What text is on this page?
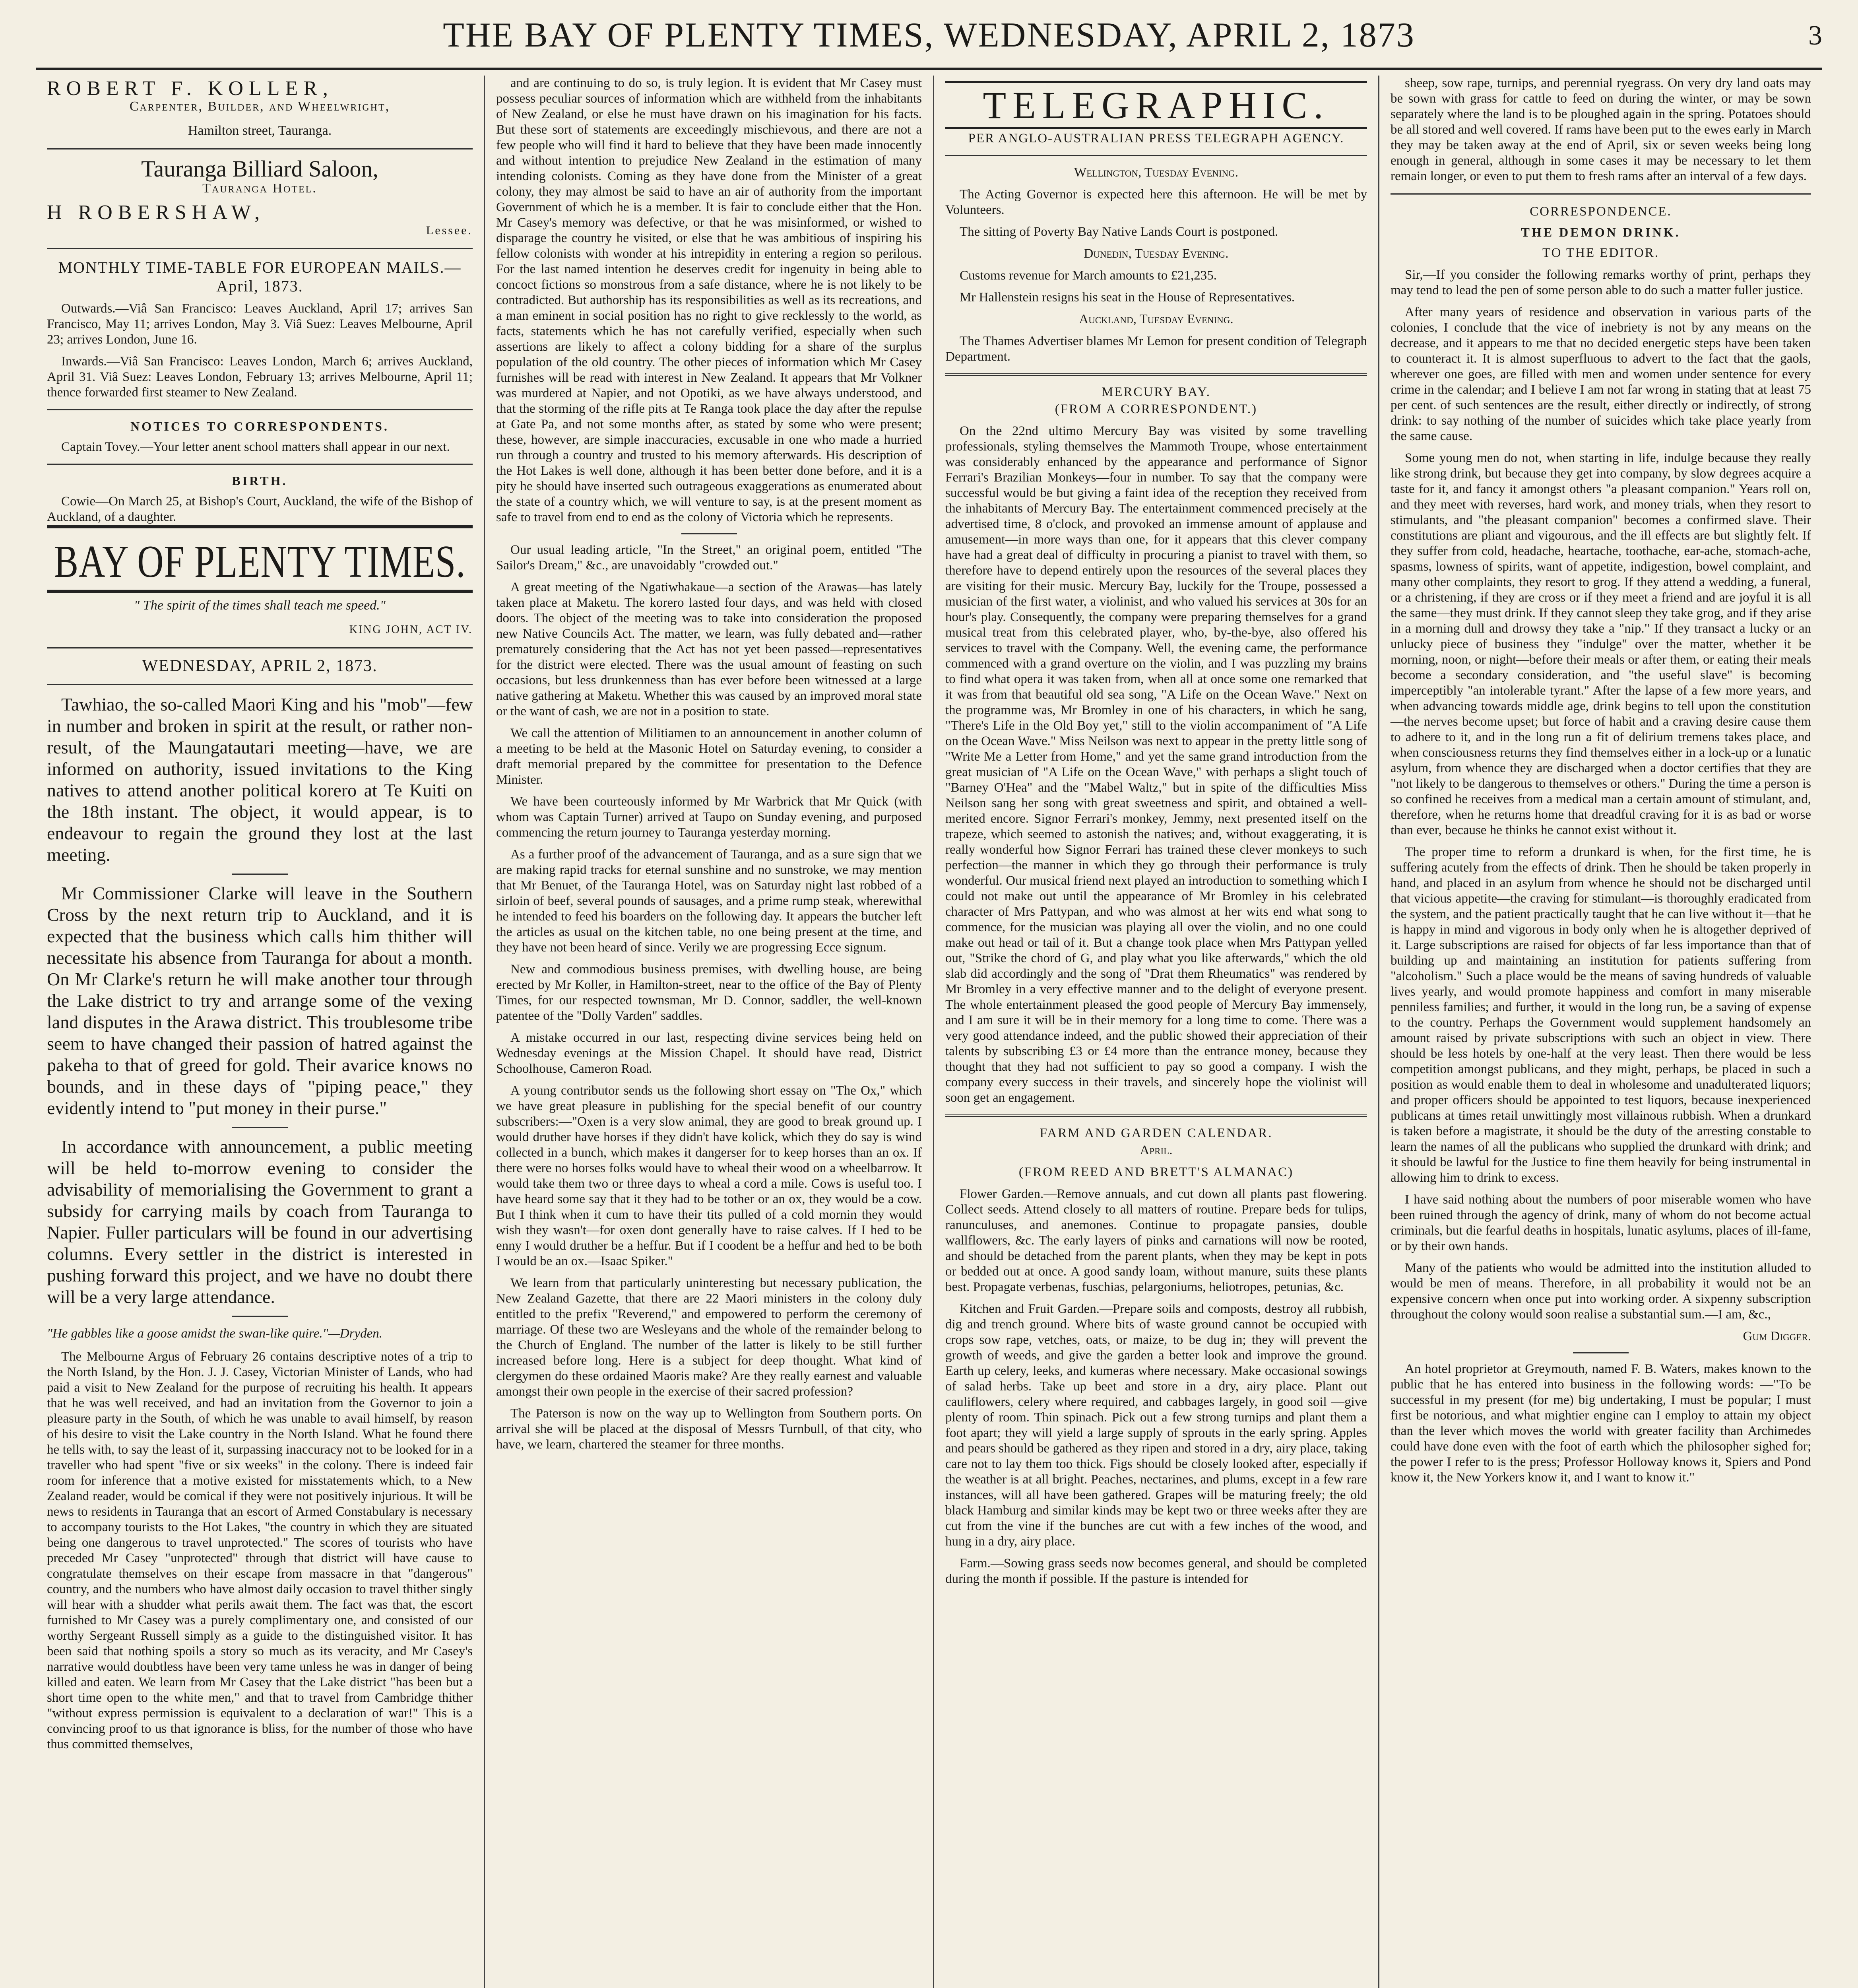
THE BAY OF PLENTY TIMES, WEDNESDAY, APRIL 2, 1873	3

ROBERT F. KOLLER,

Carpenter, Builder, and Wheelwright,

Hamilton street, Tauranga.

Tauranga Billiard Saloon,

Tauranga Hotel.

H ROBERSHAW,

Lessee.

MONTHLY TIME-TABLE FOR EUROPEAN MAILS.—April, 1873.

Outwards.—Viâ San Francisco: Leaves Auckland, April 17; arrives San Francisco, May 11; arrives London, May 3. Viâ Suez: Leaves Melbourne, April 23; arrives London, June 16.

Inwards.—Viâ San Francisco: Leaves London, March 6; arrives Auckland, April 31. Viâ Suez: Leaves London, February 13; arrives Melbourne, April 11; thence forwarded first steamer to New Zealand.

NOTICES TO CORRESPONDENTS.

Captain Tovey.—Your letter anent school matters shall appear in our next.

BIRTH.

Cowie—On March 25, at Bishop's Court, Auckland, the wife of the Bishop of Auckland, of a daughter.

BAY OF PLENTY TIMES.

" The spirit of the times shall teach me speed."

KING JOHN, ACT IV.

WEDNESDAY, APRIL 2, 1873.

Tawhiao, the so-called Maori King and his "mob"—few in number and broken in spirit at the result, or rather non-result, of the Maungatautari meeting—have, we are informed on authority, issued invitations to the King natives to attend another political korero at Te Kuiti on the 18th instant. The object, it would appear, is to endeavour to regain the ground they lost at the last meeting.

Mr Commissioner Clarke will leave in the Southern Cross by the next return trip to Auckland, and it is expected that the business which calls him thither will necessitate his absence from Tauranga for about a month. On Mr Clarke's return he will make another tour through the Lake district to try and arrange some of the vexing land disputes in the Arawa district. This troublesome tribe seem to have changed their passion of hatred against the pakeha to that of greed for gold. Their avarice knows no bounds, and in these days of "piping peace," they evidently intend to "put money in their purse."

In accordance with announcement, a public meeting will be held to-morrow evening to consider the advisability of memorialising the Government to grant a subsidy for carrying mails by coach from Tauranga to Napier. Fuller particulars will be found in our advertising columns. Every settler in the district is interested in pushing forward this project, and we have no doubt there will be a very large attendance.

"He gabbles like a goose amidst the swan-like quire."—Dryden.

The Melbourne Argus of February 26 contains descriptive notes of a trip to the North Island, by the Hon. J. J. Casey, Victorian Minister of Lands, who had paid a visit to New Zealand for the purpose of recruiting his health. It appears that he was well received, and had an invitation from the Governor to join a pleasure party in the South, of which he was unable to avail himself, by reason of his desire to visit the Lake country in the North Island. What he found there he tells with, to say the least of it, surpassing inaccuracy not to be looked for in a traveller who had spent "five or six weeks" in the colony. There is indeed fair room for inference that a motive existed for misstatements which, to a New Zealand reader, would be comical if they were not positively injurious. It will be news to residents in Tauranga that an escort of Armed Constabulary is necessary to accompany tourists to the Hot Lakes, "the country in which they are situated being one dangerous to travel unprotected." The scores of tourists who have preceded Mr Casey "unprotected" through that district will have cause to congratulate themselves on their escape from massacre in that "dangerous" country, and the numbers who have almost daily occasion to travel thither singly will hear with a shudder what perils await them. The fact was that, the escort furnished to Mr Casey was a purely complimentary one, and consisted of our worthy Sergeant Russell simply as a guide to the distinguished visitor. It has been said that nothing spoils a story so much as its veracity, and Mr Casey's narrative would doubtless have been very tame unless he was in danger of being killed and eaten. We learn from Mr Casey that the Lake district "has been but a short time open to the white men," and that to travel from Cambridge thither "without express permission is equivalent to a declaration of war!" This is a convincing proof to us that ignorance is bliss, for the number of those who have thus committed themselves,

and are continuing to do so, is truly legion. It is evident that Mr Casey must possess peculiar sources of information which are withheld from the inhabitants of New Zealand, or else he must have drawn on his imagination for his facts. But these sort of statements are exceedingly mischievous, and there are not a few people who will find it hard to believe that they have been made innocently and without intention to prejudice New Zealand in the estimation of many intending colonists. Coming as they have done from the Minister of a great colony, they may almost be said to have an air of authority from the important Government of which he is a member. It is fair to conclude either that the Hon. Mr Casey's memory was defective, or that he was misinformed, or wished to disparage the country he visited, or else that he was ambitious of inspiring his fellow colonists with wonder at his intrepidity in entering a region so perilous. For the last named intention he deserves credit for ingenuity in being able to concoct fictions so monstrous from a safe distance, where he is not likely to be contradicted. But authorship has its responsibilities as well as its recreations, and a man eminent in social position has no right to give recklessly to the world, as facts, statements which he has not carefully verified, especially when such assertions are likely to affect a colony bidding for a share of the surplus population of the old country. The other pieces of information which Mr Casey furnishes will be read with interest in New Zealand. It appears that Mr Volkner was murdered at Napier, and not Opotiki, as we have always understood, and that the storming of the rifle pits at Te Ranga took place the day after the repulse at Gate Pa, and not some months after, as stated by some who were present; these, however, are simple inaccuracies, excusable in one who made a hurried run through a country and trusted to his memory afterwards. His description of the Hot Lakes is well done, although it has been better done before, and it is a pity he should have inserted such outrageous exaggerations as enumerated about the state of a country which, we will venture to say, is at the present moment as safe to travel from end to end as the colony of Victoria which he represents.

Our usual leading article, "In the Street," an original poem, entitled "The Sailor's Dream," &c., are unavoidably "crowded out."

A great meeting of the Ngatiwhakaue—a section of the Arawas—has lately taken place at Maketu. The korero lasted four days, and was held with closed doors. The object of the meeting was to take into consideration the proposed new Native Councils Act. The matter, we learn, was fully debated and—rather prematurely considering that the Act has not yet been passed—representatives for the district were elected. There was the usual amount of feasting on such occasions, but less drunkenness than has ever before been witnessed at a large native gathering at Maketu. Whether this was caused by an improved moral state or the want of cash, we are not in a position to state.

We call the attention of Militiamen to an announcement in another column of a meeting to be held at the Masonic Hotel on Saturday evening, to consider a draft memorial prepared by the committee for presentation to the Defence Minister.

We have been courteously informed by Mr Warbrick that Mr Quick (with whom was Captain Turner) arrived at Taupo on Sunday evening, and purposed commencing the return journey to Tauranga yesterday morning.

As a further proof of the advancement of Tauranga, and as a sure sign that we are making rapid tracks for eternal sunshine and no sunstroke, we may mention that Mr Benuet, of the Tauranga Hotel, was on Saturday night last robbed of a sirloin of beef, several pounds of sausages, and a prime rump steak, wherewithal he intended to feed his boarders on the following day. It appears the butcher left the articles as usual on the kitchen table, no one being present at the time, and they have not been heard of since. Verily we are progressing Ecce signum.

New and commodious business premises, with dwelling house, are being erected by Mr Koller, in Hamilton-street, near to the office of the Bay of Plenty Times, for our respected townsman, Mr D. Connor, saddler, the well-known patentee of the "Dolly Varden" saddles.

A mistake occurred in our last, respecting divine services being held on Wednesday evenings at the Mission Chapel. It should have read, District Schoolhouse, Cameron Road.

A young contributor sends us the following short essay on "The Ox," which we have great pleasure in publishing for the special benefit of our country subscribers:—"Oxen is a very slow animal, they are good to break ground up. I would druther have horses if they didn't have kolick, which they do say is wind collected in a bunch, which makes it dangerser for to keep horses than an ox. If there were no horses folks would have to wheal their wood on a wheelbarrow. It would take them two or three days to wheal a cord a mile. Cows is useful too. I have heard some say that it they had to be tother or an ox, they would be a cow. But I think when it cum to have their tits pulled of a cold mornin they would wish they wasn't—for oxen dont generally have to raise calves. If I hed to be enny I would druther be a heffur. But if I coodent be a heffur and hed to be both I would be an ox.—Isaac Spiker."

We learn from that particularly uninteresting but necessary publication, the New Zealand Gazette, that there are 22 Maori ministers in the colony duly entitled to the prefix "Reverend," and empowered to perform the ceremony of marriage. Of these two are Wesleyans and the whole of the remainder belong to the Church of England. The number of the latter is likely to be still further increased before long. Here is a subject for deep thought. What kind of clergymen do these ordained Maoris make? Are they really earnest and valuable amongst their own people in the exercise of their sacred profession?

The Paterson is now on the way up to Wellington from Southern ports. On arrival she will be placed at the disposal of Messrs Turnbull, of that city, who have, we learn, chartered the steamer for three months.

TELEGRAPHIC.

PER ANGLO-AUSTRALIAN PRESS TELEGRAPH AGENCY.

Wellington, Tuesday Evening.

The Acting Governor is expected here this afternoon. He will be met by Volunteers.

The sitting of Poverty Bay Native Lands Court is postponed.

Dunedin, Tuesday Evening.

Customs revenue for March amounts to £21,235.

Mr Hallenstein resigns his seat in the House of Representatives.

Auckland, Tuesday Evening.

The Thames Advertiser blames Mr Lemon for present condition of Telegraph Department.

MERCURY BAY.

(FROM A CORRESPONDENT.)

On the 22nd ultimo Mercury Bay was visited by some travelling professionals, styling themselves the Mammoth Troupe, whose entertainment was considerably enhanced by the appearance and performance of Signor Ferrari's Brazilian Monkeys—four in number. To say that the company were successful would be but giving a faint idea of the reception they received from the inhabitants of Mercury Bay. The entertainment commenced precisely at the advertised time, 8 o'clock, and provoked an immense amount of applause and amusement—in more ways than one, for it appears that this clever company have had a great deal of difficulty in procuring a pianist to travel with them, so therefore have to depend entirely upon the resources of the several places they are visiting for their music. Mercury Bay, luckily for the Troupe, possessed a musician of the first water, a violinist, and who valued his services at 30s for an hour's play. Consequently, the company were preparing themselves for a grand musical treat from this celebrated player, who, by-the-bye, also offered his services to travel with the Company. Well, the evening came, the performance commenced with a grand overture on the violin, and I was puzzling my brains to find what opera it was taken from, when all at once some one remarked that it was from that beautiful old sea song, "A Life on the Ocean Wave." Next on the programme was, Mr Bromley in one of his characters, in which he sang, "There's Life in the Old Boy yet," still to the violin accompaniment of "A Life on the Ocean Wave." Miss Neilson was next to appear in the pretty little song of "Write Me a Letter from Home," and yet the same grand introduction from the great musician of "A Life on the Ocean Wave," with perhaps a slight touch of "Barney O'Hea" and the "Mabel Waltz," but in spite of the difficulties Miss Neilson sang her song with great sweetness and spirit, and obtained a well-merited encore. Signor Ferrari's monkey, Jemmy, next presented itself on the trapeze, which seemed to astonish the natives; and, without exaggerating, it is really wonderful how Signor Ferrari has trained these clever monkeys to such perfection—the manner in which they go through their performance is truly wonderful. Our musical friend next played an introduction to something which I could not make out until the appearance of Mr Bromley in his celebrated character of Mrs Pattypan, and who was almost at her wits end what song to commence, for the musician was playing all over the violin, and no one could make out head or tail of it. But a change took place when Mrs Pattypan yelled out, "Strike the chord of G, and play what you like afterwards," which the old slab did accordingly and the song of "Drat them Rheumatics" was rendered by Mr Bromley in a very effective manner and to the delight of everyone present. The whole entertainment pleased the good people of Mercury Bay immensely, and I am sure it will be in their memory for a long time to come. There was a very good attendance indeed, and the public showed their appreciation of their talents by subscribing £3 or £4 more than the entrance money, because they thought that they had not sufficient to pay so good a company. I wish the company every success in their travels, and sincerely hope the violinist will soon get an engagement.

FARM AND GARDEN CALENDAR.

April.

(FROM REED AND BRETT'S ALMANAC)

Flower Garden.—Remove annuals, and cut down all plants past flowering. Collect seeds. Attend closely to all matters of routine. Prepare beds for tulips, ranunculuses, and anemones. Continue to propagate pansies, double wallflowers, &c. The early layers of pinks and carnations will now be rooted, and should be detached from the parent plants, when they may be kept in pots or bedded out at once. A good sandy loam, without manure, suits these plants best. Propagate verbenas, fuschias, pelargoniums, heliotropes, petunias, &c.

Kitchen and Fruit Garden.—Prepare soils and composts, destroy all rubbish, dig and trench ground. Where bits of waste ground cannot be occupied with crops sow rape, vetches, oats, or maize, to be dug in; they will prevent the growth of weeds, and give the garden a better look and improve the ground. Earth up celery, leeks, and kumeras where necessary. Make occasional sowings of salad herbs. Take up beet and store in a dry, airy place. Plant out cauliflowers, celery where required, and cabbages largely, in good soil —give plenty of room. Thin spinach. Pick out a few strong turnips and plant them a foot apart; they will yield a large supply of sprouts in the early spring. Apples and pears should be gathered as they ripen and stored in a dry, airy place, taking care not to lay them too thick. Figs should be closely looked after, especially if the weather is at all bright. Peaches, nectarines, and plums, except in a few rare instances, will all have been gathered. Grapes will be maturing freely; the old black Hamburg and similar kinds may be kept two or three weeks after they are cut from the vine if the bunches are cut with a few inches of the wood, and hung in a dry, airy place.

Farm.—Sowing grass seeds now becomes general, and should be completed during the month if possible. If the pasture is intended for

sheep, sow rape, turnips, and perennial ryegrass. On very dry land oats may be sown with grass for cattle to feed on during the winter, or may be sown separately where the land is to be ploughed again in the spring. Potatoes should be all stored and well covered. If rams have been put to the ewes early in March they may be taken away at the end of April, six or seven weeks being long enough in general, although in some cases it may be necessary to let them remain longer, or even to put them to fresh rams after an interval of a few days.

CORRESPONDENCE.

THE DEMON DRINK.

TO THE EDITOR.

Sir,—If you consider the following remarks worthy of print, perhaps they may tend to lead the pen of some person able to do such a matter fuller justice.

After many years of residence and observation in various parts of the colonies, I conclude that the vice of inebriety is not by any means on the decrease, and it appears to me that no decided energetic steps have been taken to counteract it. It is almost superfluous to advert to the fact that the gaols, wherever one goes, are filled with men and women under sentence for every crime in the calendar; and I believe I am not far wrong in stating that at least 75 per cent. of such sentences are the result, either directly or indirectly, of strong drink: to say nothing of the number of suicides which take place yearly from the same cause.

Some young men do not, when starting in life, indulge because they really like strong drink, but because they get into company, by slow degrees acquire a taste for it, and fancy it amongst others "a pleasant companion." Years roll on, and they meet with reverses, hard work, and money trials, when they resort to stimulants, and "the pleasant companion" becomes a confirmed slave. Their constitutions are pliant and vigourous, and the ill effects are but slightly felt. If they suffer from cold, headache, heartache, toothache, ear-ache, stomach-ache, spasms, lowness of spirits, want of appetite, indigestion, bowel complaint, and many other complaints, they resort to grog. If they attend a wedding, a funeral, or a christening, if they are cross or if they meet a friend and are joyful it is all the same—they must drink. If they cannot sleep they take grog, and if they arise in a morning dull and drowsy they take a "nip." If they transact a lucky or an unlucky piece of business they "indulge" over the matter, whether it be morning, noon, or night—before their meals or after them, or eating their meals become a secondary consideration, and "the useful slave" is becoming imperceptibly "an intolerable tyrant." After the lapse of a few more years, and when advancing towards middle age, drink begins to tell upon the constitution—the nerves become upset; but force of habit and a craving desire cause them to adhere to it, and in the long run a fit of delirium tremens takes place, and when consciousness returns they find themselves either in a lock-up or a lunatic asylum, from whence they are discharged when a doctor certifies that they are "not likely to be dangerous to themselves or others." During the time a person is so confined he receives from a medical man a certain amount of stimulant, and, therefore, when he returns home that dreadful craving for it is as bad or worse than ever, because he thinks he cannot exist without it.

The proper time to reform a drunkard is when, for the first time, he is suffering acutely from the effects of drink. Then he should be taken properly in hand, and placed in an asylum from whence he should not be discharged until that vicious appetite—the craving for stimulant—is thoroughly eradicated from the system, and the patient practically taught that he can live without it—that he is happy in mind and vigorous in body only when he is altogether deprived of it. Large subscriptions are raised for objects of far less importance than that of building up and maintaining an institution for patients suffering from "alcoholism." Such a place would be the means of saving hundreds of valuable lives yearly, and would promote happiness and comfort in many miserable penniless families; and further, it would in the long run, be a saving of expense to the country. Perhaps the Government would supplement handsomely an amount raised by private subscriptions with such an object in view. There should be less hotels by one-half at the very least. Then there would be less competition amongst publicans, and they might, perhaps, be placed in such a position as would enable them to deal in wholesome and unadulterated liquors; and proper officers should be appointed to test liquors, because inexperienced publicans at times retail unwittingly most villainous rubbish. When a drunkard is taken before a magistrate, it should be the duty of the arresting constable to learn the names of all the publicans who supplied the drunkard with drink; and it should be lawful for the Justice to fine them heavily for being instrumental in allowing him to drink to excess.

I have said nothing about the numbers of poor miserable women who have been ruined through the agency of drink, many of whom do not become actual criminals, but die fearful deaths in hospitals, lunatic asylums, places of ill-fame, or by their own hands.

Many of the patients who would be admitted into the institution alluded to would be men of means. Therefore, in all probability it would not be an expensive concern when once put into working order. A sixpenny subscription throughout the colony would soon realise a substantial sum.—I am, &c.,

Gum Digger.

An hotel proprietor at Greymouth, named F. B. Waters, makes known to the public that he has entered into business in the following words: —"To be successful in my present (for me) big undertaking, I must be popular; I must first be notorious, and what mightier engine can I employ to attain my object than the lever which moves the world with greater facility than Archimedes could have done even with the foot of earth which the philosopher sighed for; the power I refer to is the press; Professor Holloway knows it, Spiers and Pond know it, the New Yorkers know it, and I want to know it."
